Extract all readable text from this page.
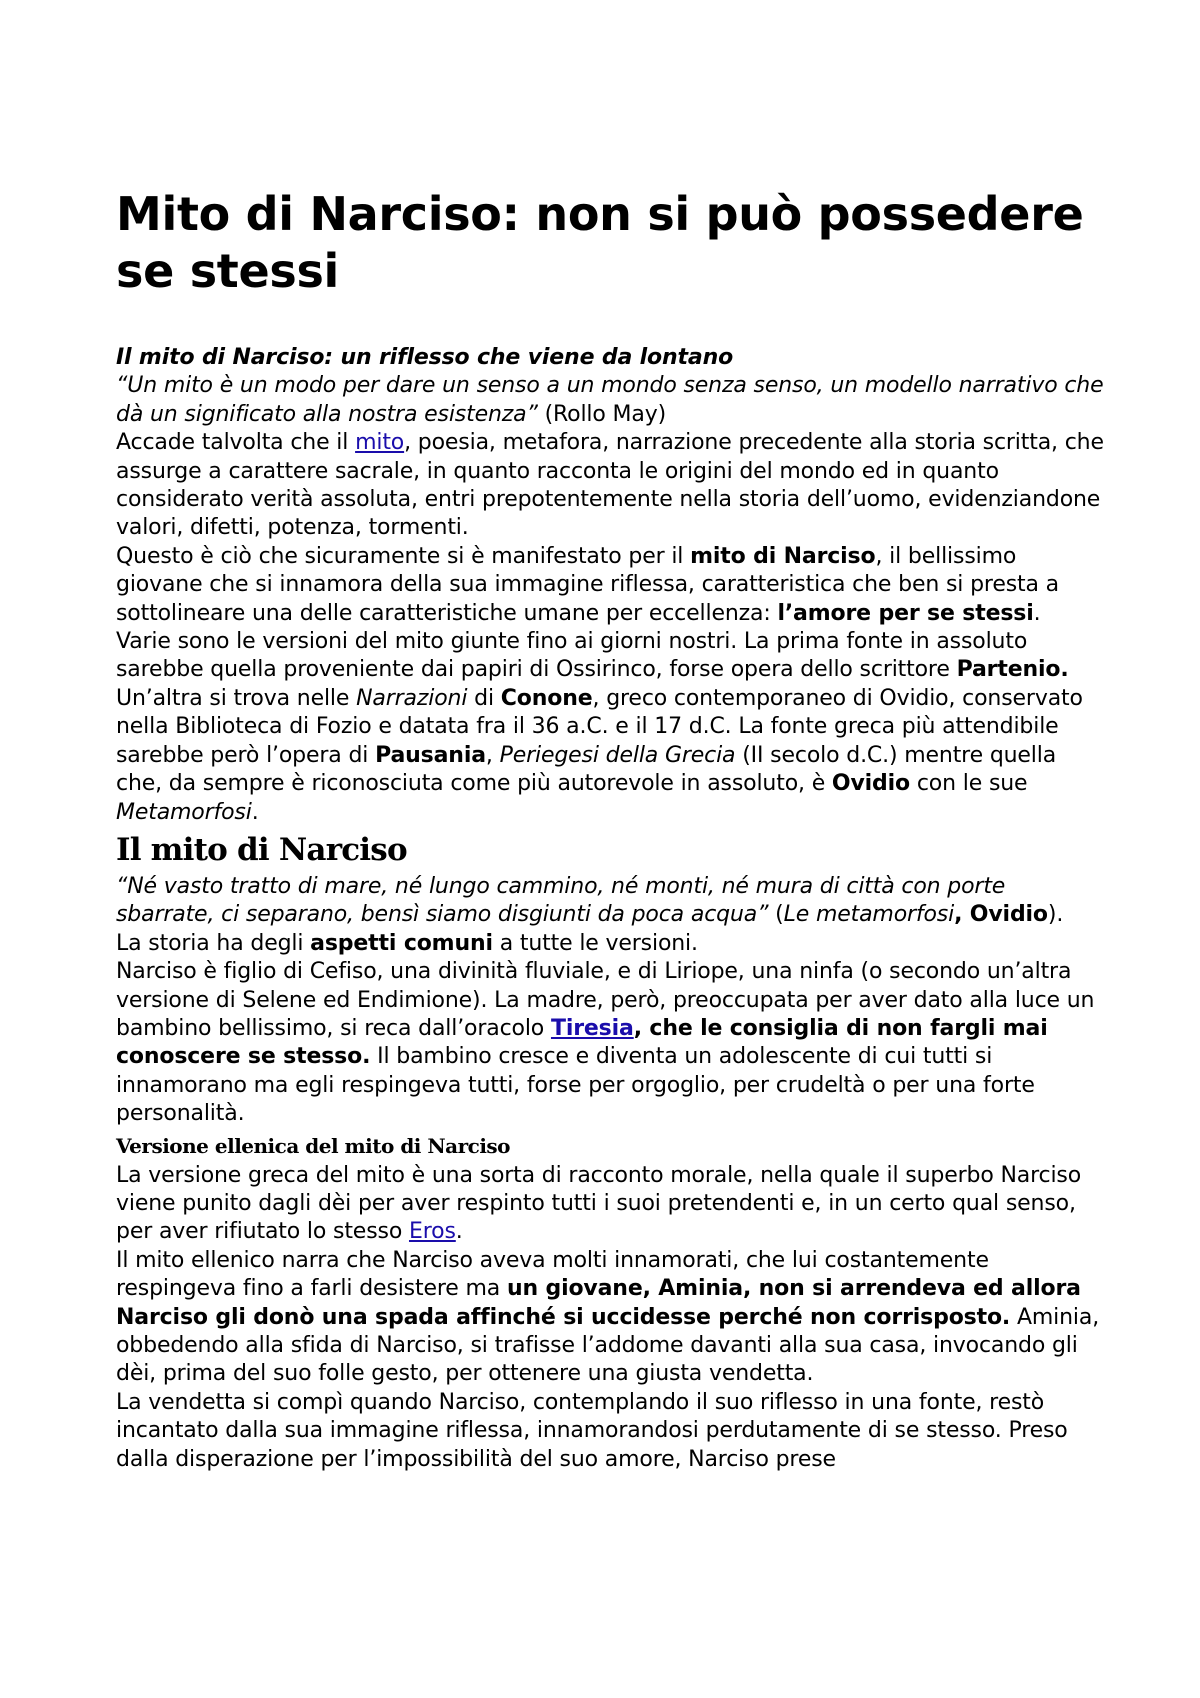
Mito di Narciso: non si può possedere se stessi

Il mito di Narciso: un riflesso che viene da lontano

“Un mito è un modo per dare un senso a un mondo senza senso, un modello narrativo che dà un significato alla nostra esistenza” (Rollo May)

Accade talvolta che il mito, poesia, metafora, narrazione precedente alla storia scritta, che assurge a carattere sacrale, in quanto racconta le origini del mondo ed in quanto considerato verità assoluta, entri prepotentemente nella storia dell’uomo, evidenziandone valori, difetti, potenza, tormenti.

Questo è ciò che sicuramente si è manifestato per il mito di Narciso, il bellissimo giovane che si innamora della sua immagine riflessa, caratteristica che ben si presta a sottolineare una delle caratteristiche umane per eccellenza: l’amore per se stessi.

Varie sono le versioni del mito giunte fino ai giorni nostri. La prima fonte in assoluto sarebbe quella proveniente dai papiri di Ossirinco, forse opera dello scrittore Partenio. Un’altra si trova nelle Narrazioni di Conone, greco contemporaneo di Ovidio, conservato nella Biblioteca di Fozio e datata fra il 36 a.C. e il 17 d.C. La fonte greca più attendibile sarebbe però l’opera di Pausania, Periegesi della Grecia (II secolo d.C.) mentre quella che, da sempre è riconosciuta come più autorevole in assoluto, è Ovidio con le sue Metamorfosi.

Il mito di Narciso

“Né vasto tratto di mare, né lungo cammino, né monti, né mura di città con porte sbarrate, ci separano, bensì siamo disgiunti da poca acqua” (Le metamorfosi, Ovidio).

La storia ha degli aspetti comuni a tutte le versioni.

Narciso è figlio di Cefiso, una divinità fluviale, e di Liriope, una ninfa (o secondo un’altra versione di Selene ed Endimione). La madre, però, preoccupata per aver dato alla luce un bambino bellissimo, si reca dall’oracolo Tiresia, che le consiglia di non fargli mai conoscere se stesso. Il bambino cresce e diventa un adolescente di cui tutti si innamorano ma egli respingeva tutti, forse per orgoglio, per crudeltà o per una forte personalità.

Versione ellenica del mito di Narciso

La versione greca del mito è una sorta di racconto morale, nella quale il superbo Narciso viene punito dagli dèi per aver respinto tutti i suoi pretendenti e, in un certo qual senso, per aver rifiutato lo stesso Eros.

Il mito ellenico narra che Narciso aveva molti innamorati, che lui costantemente respingeva fino a farli desistere ma un giovane, Aminia, non si arrendeva ed allora Narciso gli donò una spada affinché si uccidesse perché non corrisposto. Aminia, obbedendo alla sfida di Narciso, si trafisse l’addome davanti alla sua casa, invocando gli dèi, prima del suo folle gesto, per ottenere una giusta vendetta.

La vendetta si compì quando Narciso, contemplando il suo riflesso in una fonte, restò incantato dalla sua immagine riflessa, innamorandosi perdutamente di se stesso. Preso dalla disperazione per l’impossibilità del suo amore, Narciso prese
